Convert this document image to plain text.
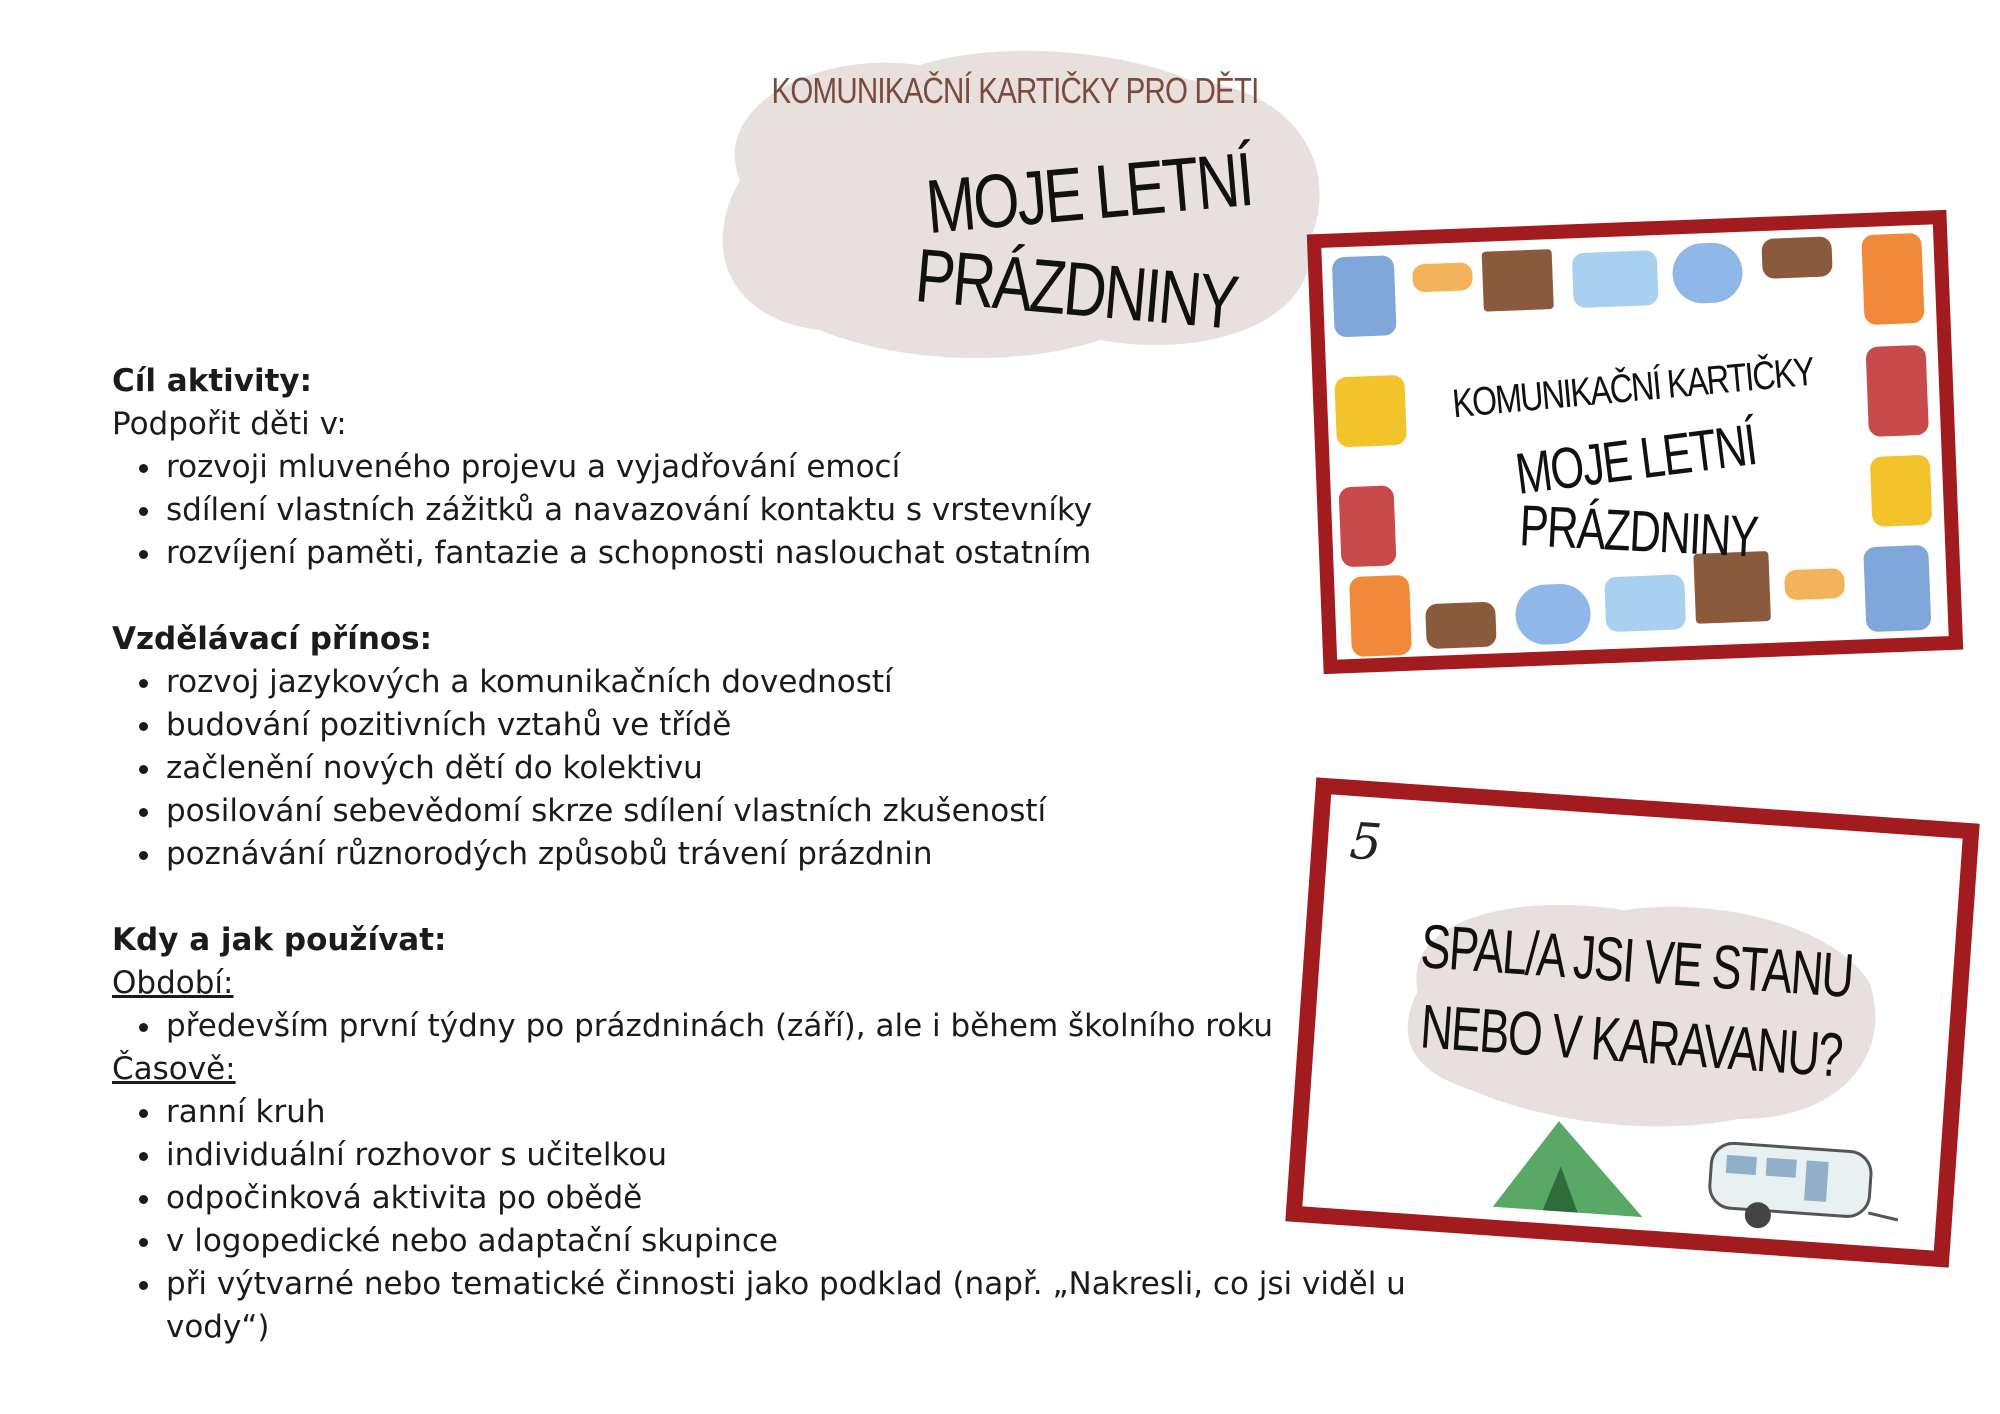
KOMUNIKAČNÍ KARTIČKY PRO DĚTI
MOJE LETNÍ
PRÁZDNINY
Cíl aktivity:
Podpořit děti v:
• rozvoji mluveného projevu a vyjadřování emocí
• sdílení vlastních zážitků a navazování kontaktu s vrstevníky
• rozvíjení paměti, fantazie a schopnosti naslouchat ostatním
Vzdělávací přínos:
• rozvoj jazykových a komunikačních dovedností
• budování pozitivních vztahů ve třídě
• začlenění nových dětí do kolektivu
• posilování sebevědomí skrze sdílení vlastních zkušeností
• poznávání různorodých způsobů trávení prázdnin
Kdy a jak používat:
Období:
• především první týdny po prázdninách (září), ale i během školního roku
Časově:
• ranní kruh
• individuální rozhovor s učitelkou
• odpočinková aktivita po obědě
• v logopedické nebo adaptační skupince
• při výtvarné nebo tematické činnosti jako podklad (např. „Nakresli, co jsi viděl u vody“)
KOMUNIKAČNÍ KARTIČKY
MOJE LETNÍ
PRÁZDNINY
5
SPAL/A JSI VE STANU
NEBO V KARAVANU?
